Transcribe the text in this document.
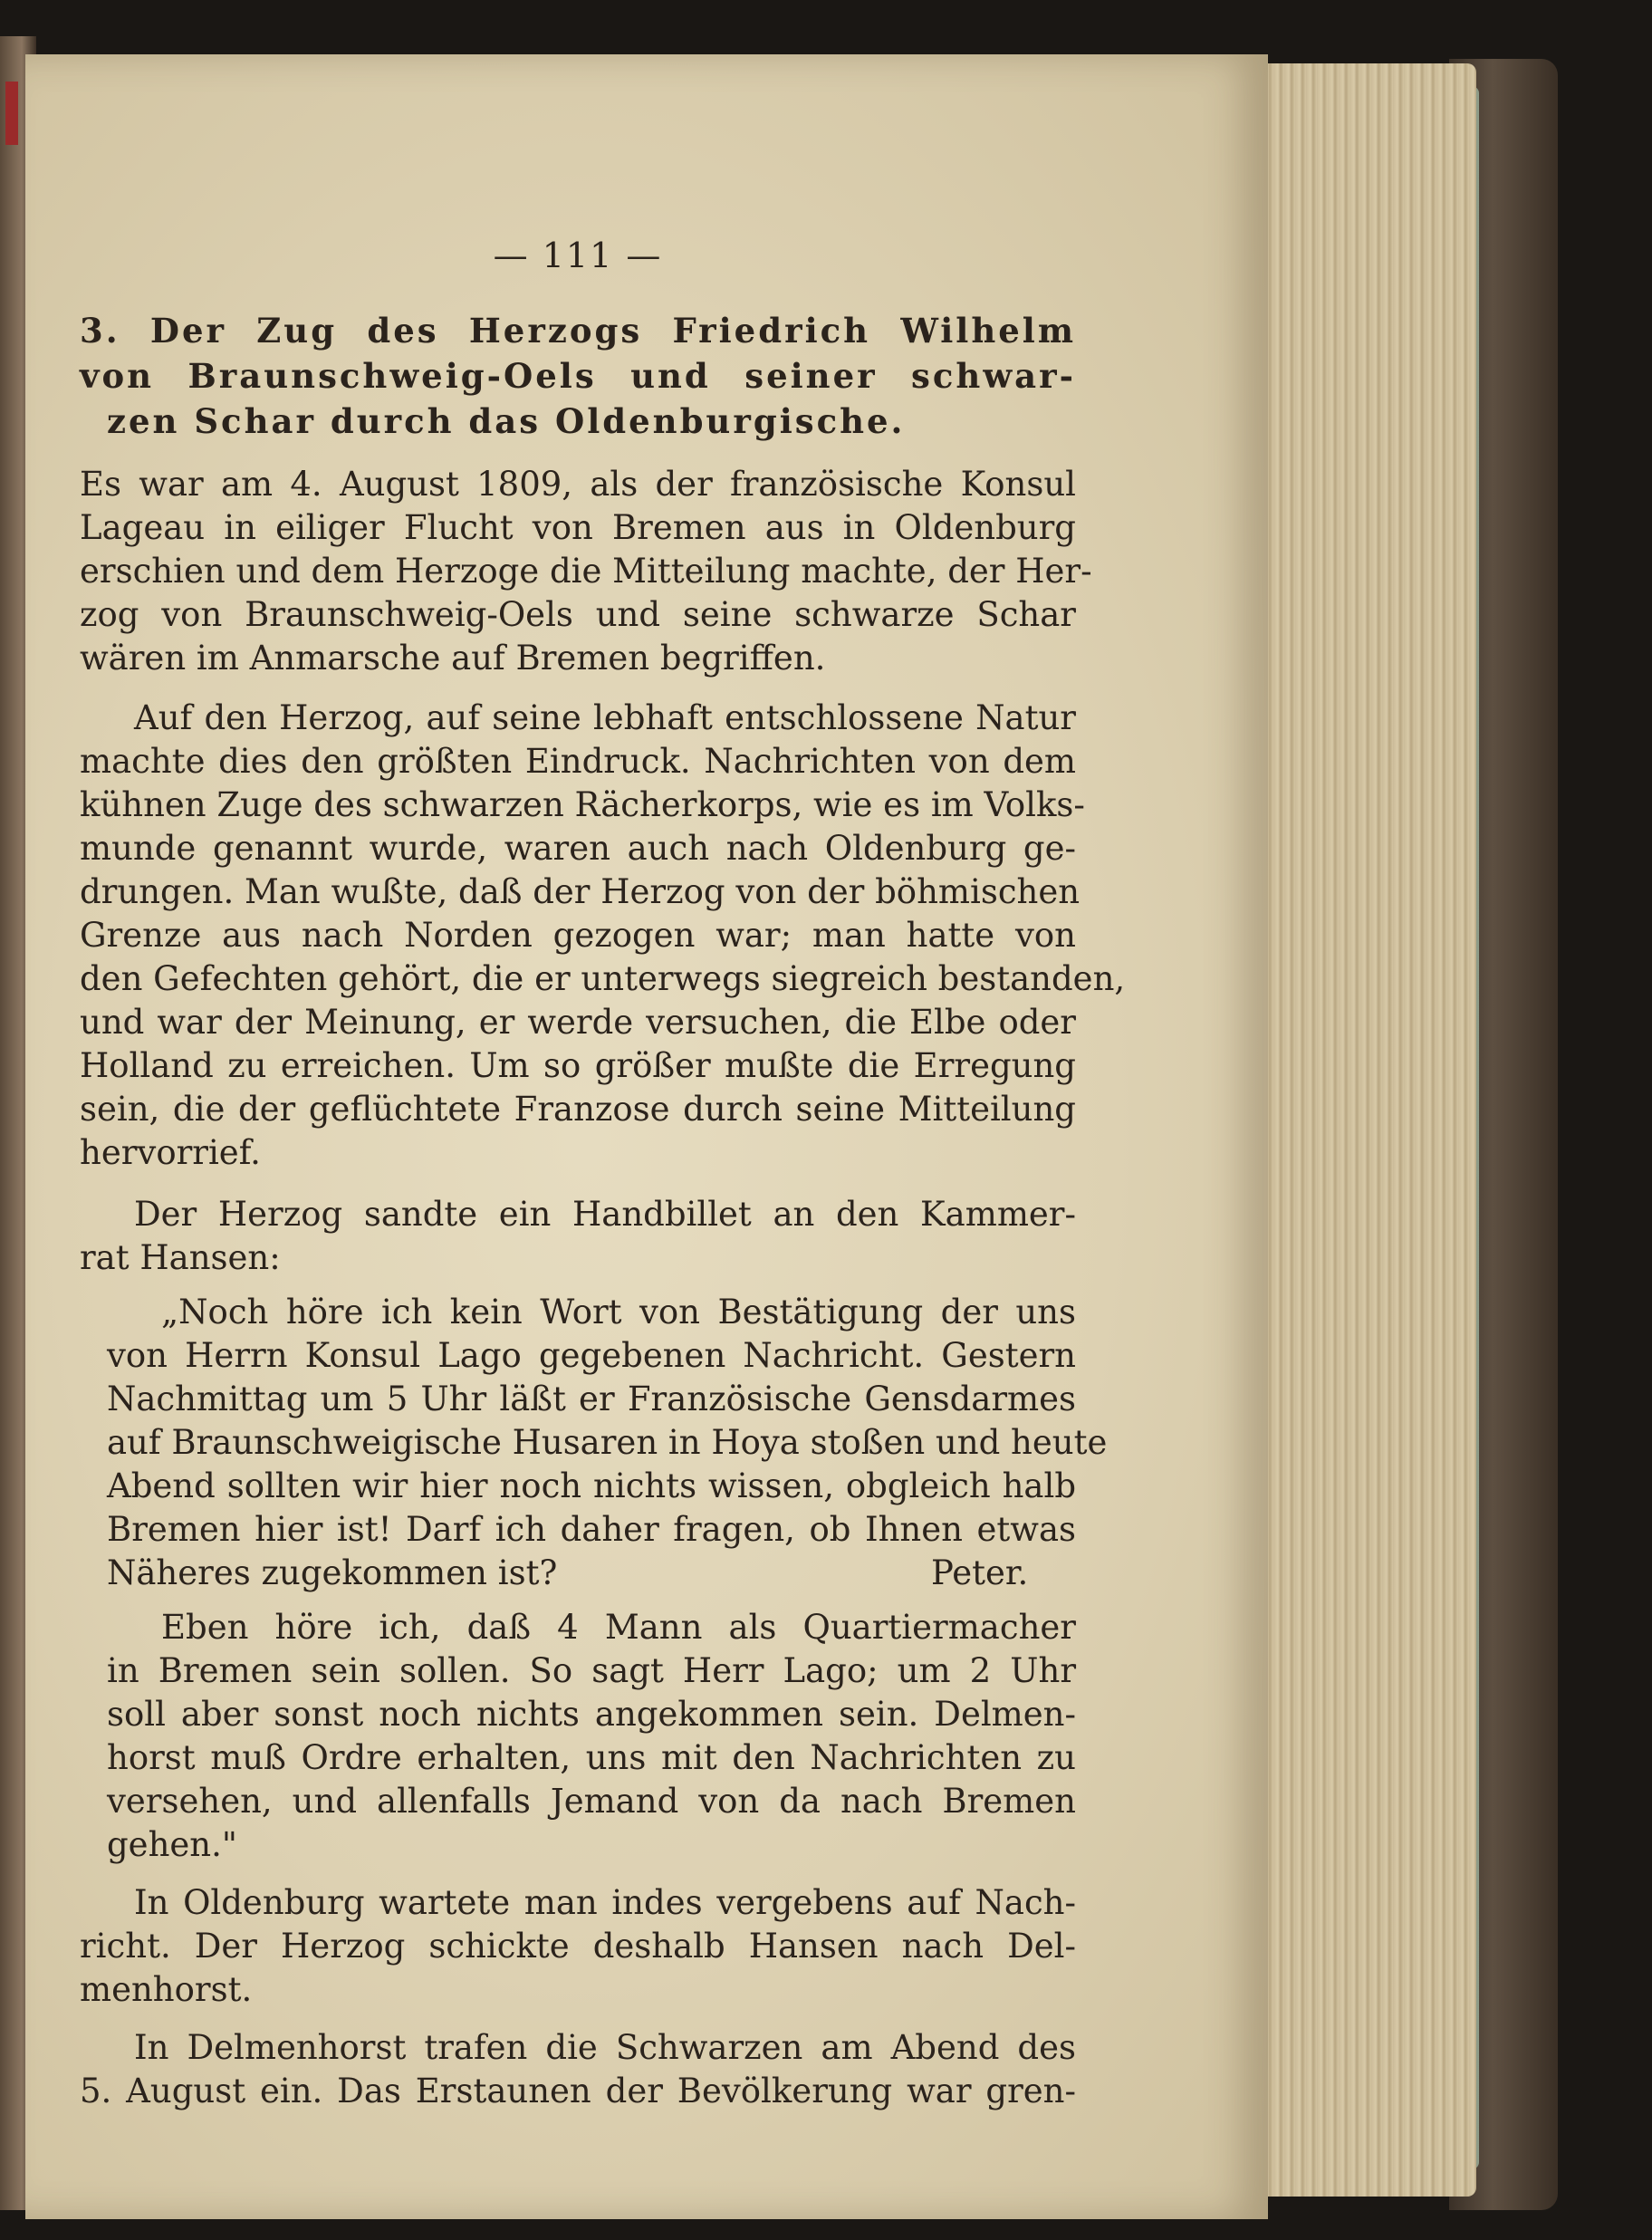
— 111 —
3. Der Zug des Herzogs Friedrich Wilhelm
von Braunschweig-Oels und seiner schwar-
zen Schar durch das Oldenburgische.
Es war am 4. August 1809, als der französische Konsul
Lageau in eiliger Flucht von Bremen aus in Oldenburg
erschien und dem Herzoge die Mitteilung machte, der Her-
zog von Braunschweig-Oels und seine schwarze Schar
wären im Anmarsche auf Bremen begriffen.
Auf den Herzog, auf seine lebhaft entschlossene Natur
machte dies den größten Eindruck. Nachrichten von dem
kühnen Zuge des schwarzen Rächerkorps, wie es im Volks-
munde genannt wurde, waren auch nach Oldenburg ge-
drungen. Man wußte, daß der Herzog von der böhmischen
Grenze aus nach Norden gezogen war; man hatte von
den Gefechten gehört, die er unterwegs siegreich bestanden,
und war der Meinung, er werde versuchen, die Elbe oder
Holland zu erreichen. Um so größer mußte die Erregung
sein, die der geflüchtete Franzose durch seine Mitteilung
hervorrief.
Der Herzog sandte ein Handbillet an den Kammer-
rat Hansen:
„Noch höre ich kein Wort von Bestätigung der uns
von Herrn Konsul Lago gegebenen Nachricht. Gestern
Nachmittag um 5 Uhr läßt er Französische Gensdarmes
auf Braunschweigische Husaren in Hoya stoßen und heute
Abend sollten wir hier noch nichts wissen, obgleich halb
Bremen hier ist! Darf ich daher fragen, ob Ihnen etwas
Näheres zugekommen ist?	Peter.
Eben höre ich, daß 4 Mann als Quartiermacher
in Bremen sein sollen. So sagt Herr Lago; um 2 Uhr
soll aber sonst noch nichts angekommen sein. Delmen-
horst muß Ordre erhalten, uns mit den Nachrichten zu
versehen, und allenfalls Jemand von da nach Bremen
gehen."
In Oldenburg wartete man indes vergebens auf Nach-
richt. Der Herzog schickte deshalb Hansen nach Del-
menhorst.
In Delmenhorst trafen die Schwarzen am Abend des
5. August ein. Das Erstaunen der Bevölkerung war gren-
